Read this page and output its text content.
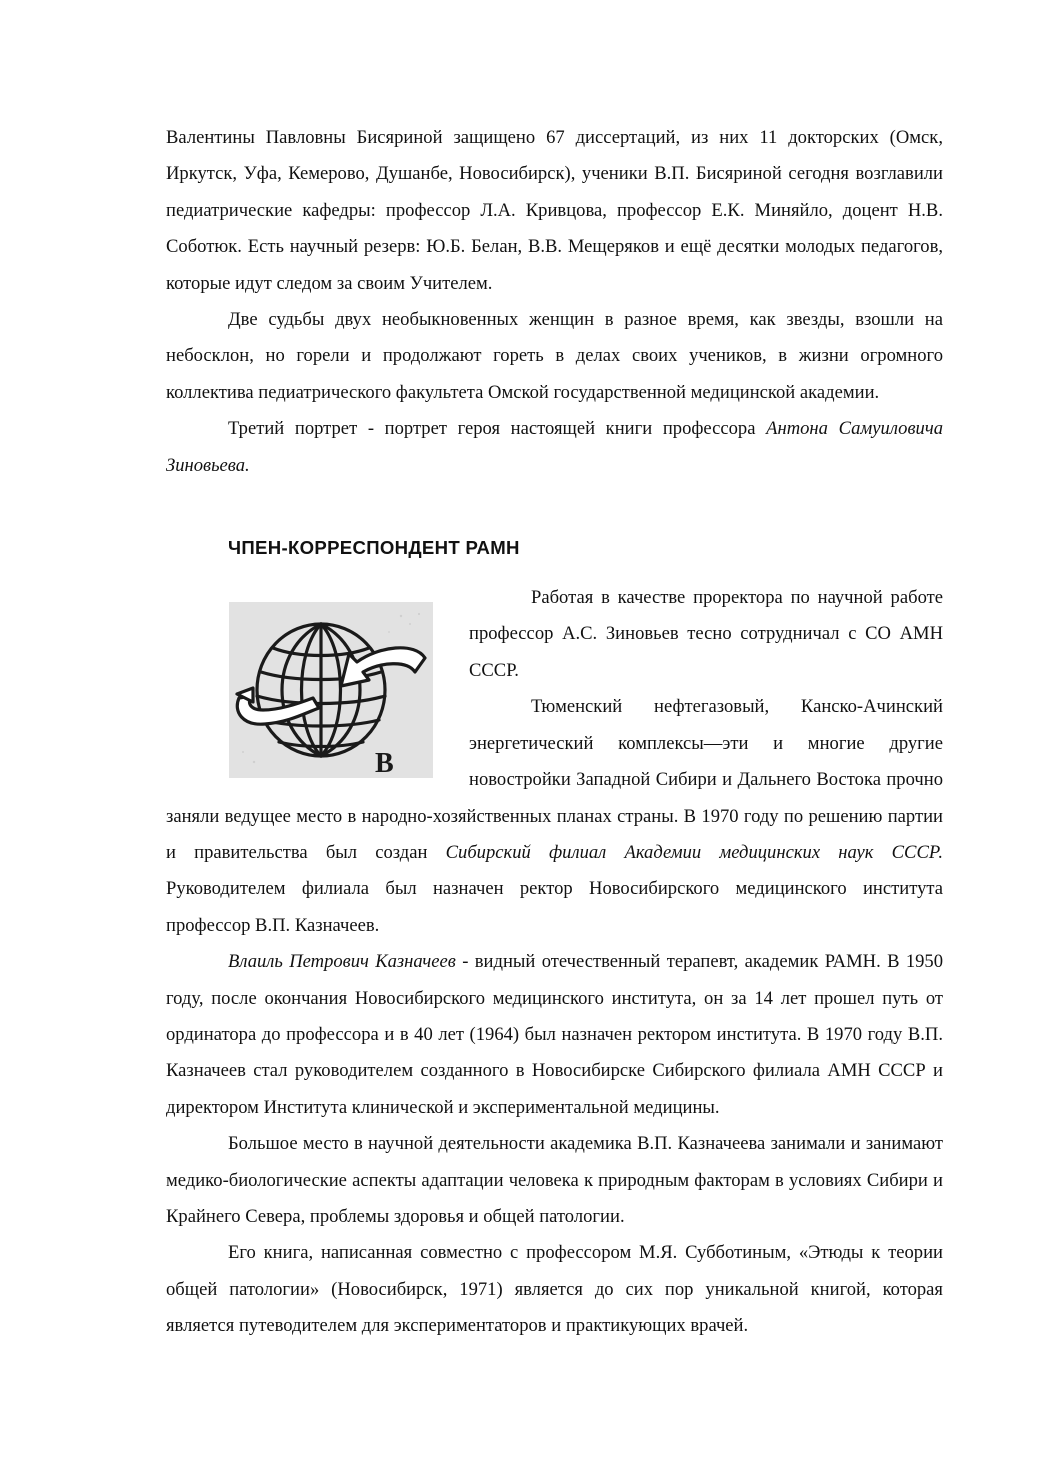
Валентины Павловны Бисяриной защищено 67 диссертаций, из них 11 докторских (Омск, Иркутск, Уфа, Кемерово, Душанбе, Новосибирск), ученики В.П. Бисяриной сегодня возглавили педиатрические кафедры: профессор Л.А. Кривцова, профессор Е.К. Миняйло, доцент Н.В. Соботюк. Есть научный резерв: Ю.Б. Белан, В.В. Мещеряков и ещё десятки молодых педагогов, которые идут следом за своим Учителем.

Две судьбы двух необыкновенных женщин в разное время, как звезды, взошли на небосклон, но горели и продолжают гореть в делах своих учеников, в жизни огромного коллектива педиатрического факультета Омской государственной медицинской академии.

Третий портрет - портрет героя настоящей книги профессора Антона Самуиловича Зиновьева.

ЧПЕН-КОРРЕСПОНДЕНТ РАМН
B

Работая в качестве проректора по научной работе профессор А.С. Зиновьев тесно сотрудничал с СО АМН СССР.

Тюменский нефтегазовый, Канско-Ачинский энергетический комплексы—эти и многие другие новостройки Западной Сибири и Дальнего Востока прочно заняли ведущее место в народно-хозяйственных планах страны. В 1970 году по решению партии и правительства был создан Сибирский филиал Академии медицинских наук СССР. Руководителем филиала был назначен ректор Новосибирского медицинского института профессор В.П. Казначеев.

Влаиль Петрович Казначеев - видный отечественный терапевт, академик РАМН. В 1950 году, после окончания Новосибирского медицинского института, он за 14 лет прошел путь от ординатора до профессора и в 40 лет (1964) был назначен ректором института. В 1970 году В.П. Казначеев стал руководителем созданного в Новосибирске Сибирского филиала АМН СССР и директором Института клинической и экспериментальной медицины.

Большое место в научной деятельности академика В.П. Казначеева занимали и занимают медико-биологические аспекты адаптации человека к природным факторам в условиях Сибири и Крайнего Севера, проблемы здоровья и общей патологии.

Его книга, написанная совместно с профессором М.Я. Субботиным, «Этюды к теории общей патологии» (Новосибирск, 1971) является до сих пор уникальной книгой, которая является путеводителем для экспериментаторов и практикующих врачей.
